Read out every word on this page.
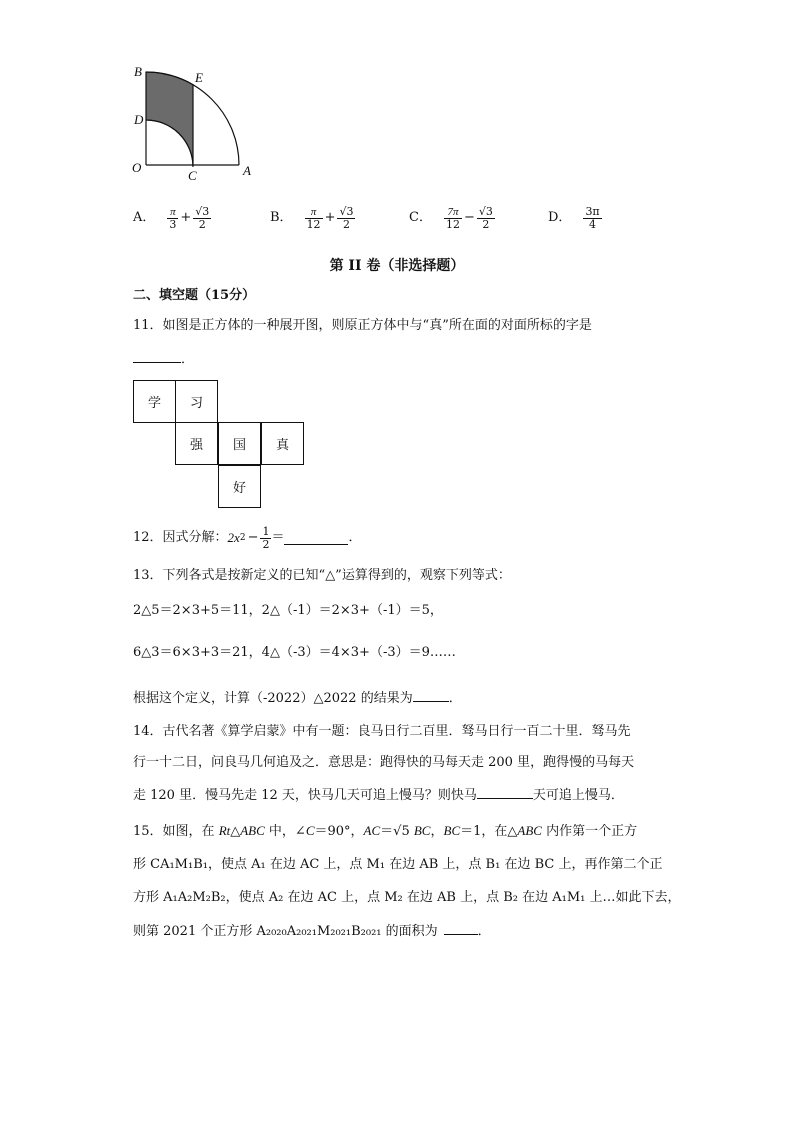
B	E
D
O
C	A
A． $\frac{\pi}{3} + \frac{√3}{2}$	B． $\frac{\pi}{12} + \frac{√3}{2}$	C． $\frac{7\pi}{12} - \frac{√3}{2}$	D． $\frac{3\pi}{4}$
第 II 卷（非选择题）
二、填空题（15分）
11．如图是正方体的一种展开图，则原正方体中与“真”所在面的对面所标的字是
．
学	习
强	国	真
好
12．因式分解： 2x $2 - \frac{1}{2}$ ＝	．
13．下列各式是按新定义的已知“△”运算得到的，观察下列等式：
2△5＝2×3+5＝11，2△（-1）＝2×3+（-1）＝5，
6△3＝6×3+3＝21，4△（-3）＝4×3+（-3）＝9……
根据这个定义，计算（-2022）△2022 的结果为	．
14．古代名著《算学启蒙》中有一题：良马日行二百里．驽马日行一百二十里．驽马先
行一十二日，问良马几何追及之．意思是：跑得快的马每天走 200 里，跑得慢的马每天
走 120 里．慢马先走 12 天，快马几天可追上慢马？则快马	天可追上慢马．
15．如图，在 Rt△ABC 中，∠C＝90°，AC＝√5 BC，BC＝1，在△ABC 内作第一个正方
形 CA₁M₁B₁，使点 A₁ 在边 AC 上，点 M₁ 在边 AB 上，点 B₁ 在边 BC 上，再作第二个正
方形 A₁A₂M₂B₂，使点 A₂ 在边 AC 上，点 M₂ 在边 AB 上，点 B₂ 在边 A₁M₁ 上…如此下去，
则第 2021 个正方形 A₂₀₂₀A₂₀₂₁M₂₀₂₁B₂₀₂₁ 的面积为	．
